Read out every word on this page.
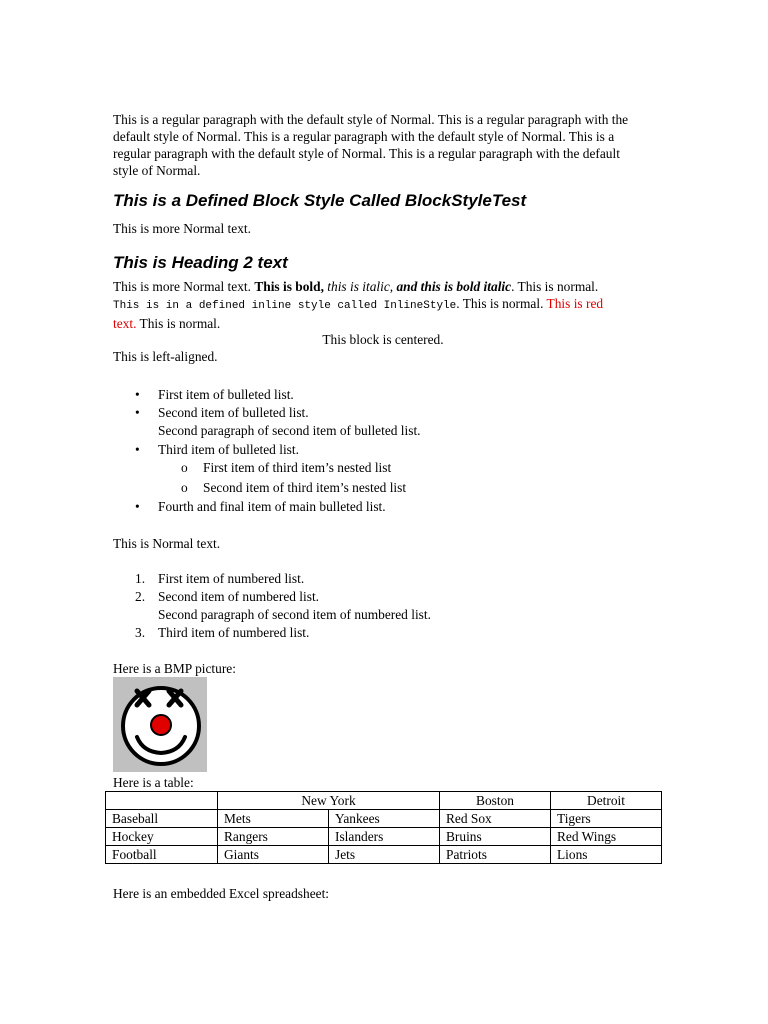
This is a regular paragraph with the default style of Normal. This is a regular paragraph with the default style of Normal. This is a regular paragraph with the default style of Normal. This is a regular paragraph with the default style of Normal. This is a regular paragraph with the default style of Normal.

This is a Defined Block Style Called BlockStyleTest

This is more Normal text.

This is Heading 2 text

This is more Normal text. This is bold, this is italic, and this is bold italic. This is normal. This is in a defined inline style called InlineStyle. This is normal. This is red text. This is normal.

This block is centered.

This is left-aligned.

• First item of bulleted list.
• Second item of bulleted list.
Second paragraph of second item of bulleted list.
• Third item of bulleted list.
o First item of third item’s nested list
o Second item of third item’s nested list
• Fourth and final item of main bulleted list.

This is Normal text.

1. First item of numbered list.
2. Second item of numbered list.
Second paragraph of second item of numbered list.
3. Third item of numbered list.

Here is a BMP picture:

Here is a table:

	New York		Boston	Detroit
Baseball	Mets	Yankees	Red Sox	Tigers
Hockey	Rangers	Islanders	Bruins	Red Wings
Football	Giants	Jets	Patriots	Lions

Here is an embedded Excel spreadsheet:
